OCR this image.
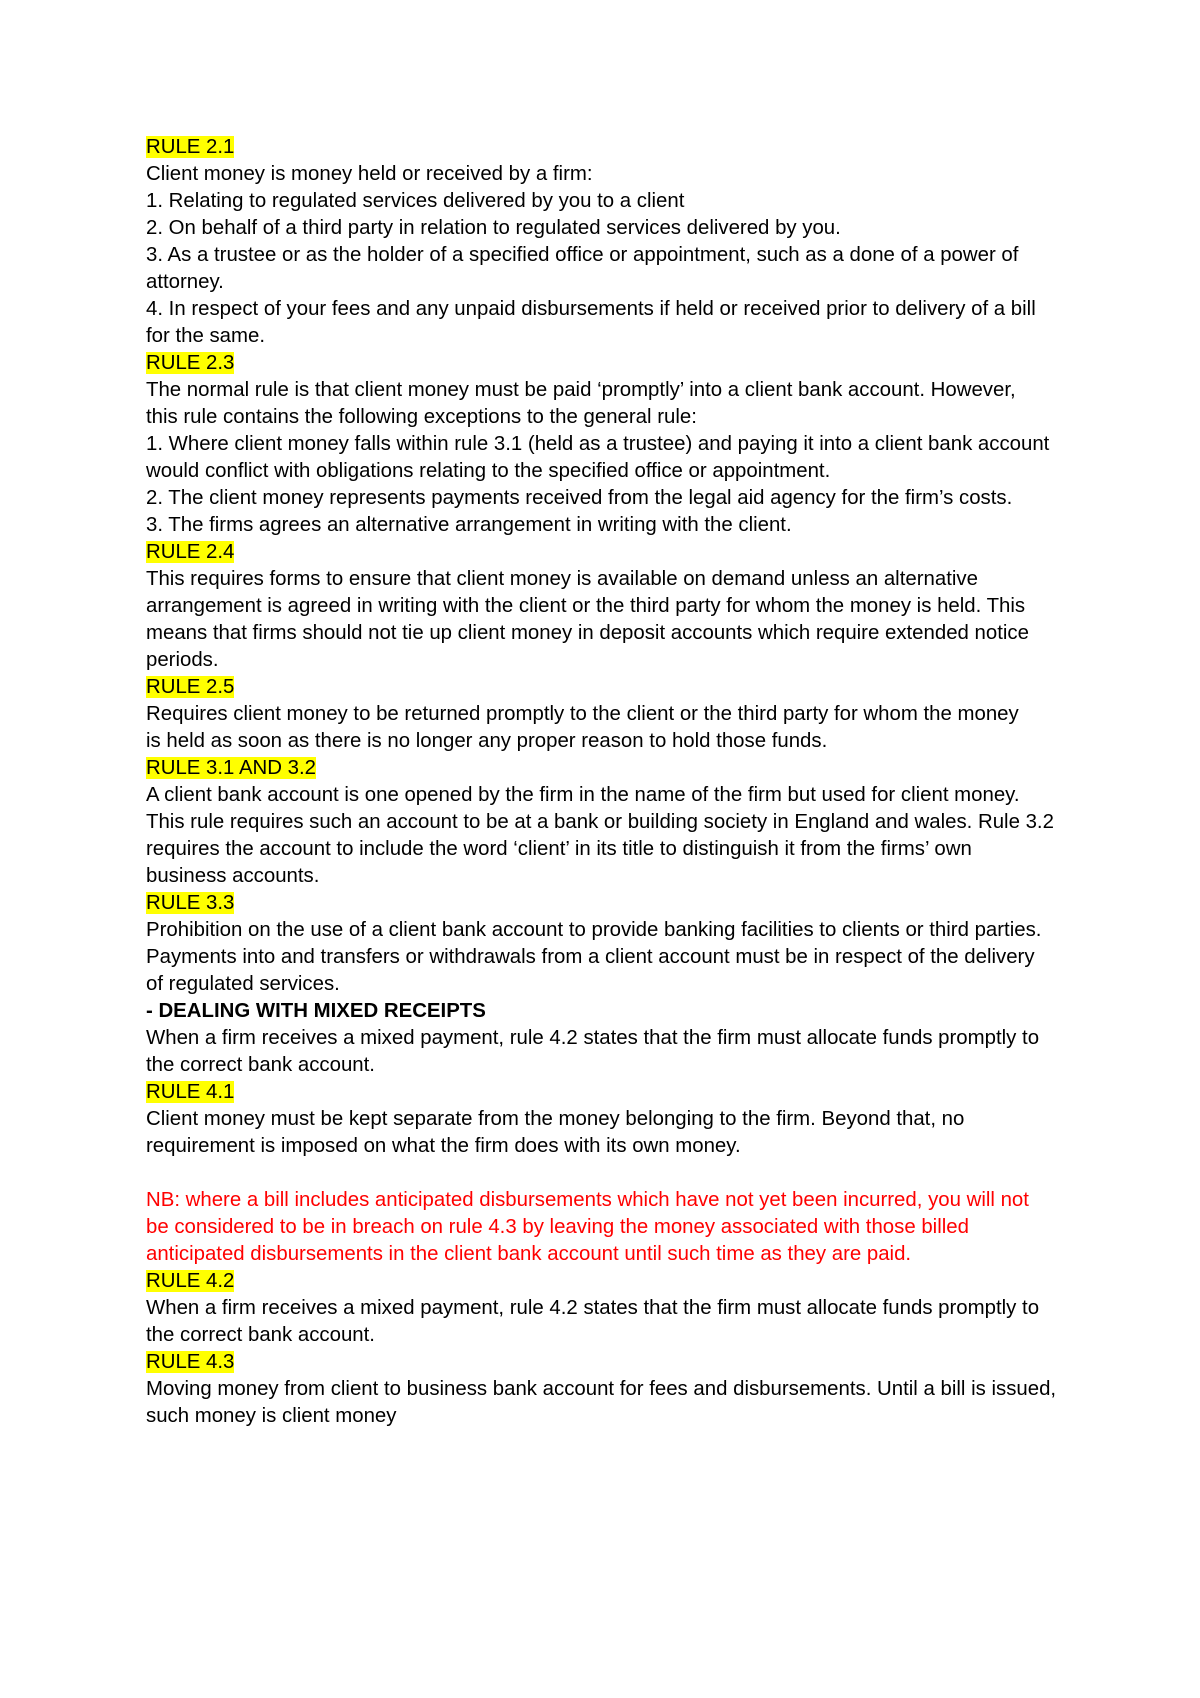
RULE 2.1
Client money is money held or received by a firm:
1. Relating to regulated services delivered by you to a client
2. On behalf of a third party in relation to regulated services delivered by you.
3. As a trustee or as the holder of a specified office or appointment, such as a done of a power of
attorney.
4. In respect of your fees and any unpaid disbursements if held or received prior to delivery of a bill
for the same.
RULE 2.3
The normal rule is that client money must be paid ‘promptly’ into a client bank account. However,
this rule contains the following exceptions to the general rule:
1. Where client money falls within rule 3.1 (held as a trustee) and paying it into a client bank account
would conflict with obligations relating to the specified office or appointment.
2. The client money represents payments received from the legal aid agency for the firm’s costs.
3. The firms agrees an alternative arrangement in writing with the client.
RULE 2.4
This requires forms to ensure that client money is available on demand unless an alternative
arrangement is agreed in writing with the client or the third party for whom the money is held. This
means that firms should not tie up client money in deposit accounts which require extended notice
periods.
RULE 2.5
Requires client money to be returned promptly to the client or the third party for whom the money
is held as soon as there is no longer any proper reason to hold those funds.
RULE 3.1 AND 3.2
A client bank account is one opened by the firm in the name of the firm but used for client money.
This rule requires such an account to be at a bank or building society in England and wales. Rule 3.2
requires the account to include the word ‘client’ in its title to distinguish it from the firms’ own
business accounts.
RULE 3.3
Prohibition on the use of a client bank account to provide banking facilities to clients or third parties.
Payments into and transfers or withdrawals from a client account must be in respect of the delivery
of regulated services.
- DEALING WITH MIXED RECEIPTS
When a firm receives a mixed payment, rule 4.2 states that the firm must allocate funds promptly to
the correct bank account.
RULE 4.1
Client money must be kept separate from the money belonging to the firm. Beyond that, no
requirement is imposed on what the firm does with its own money.
NB: where a bill includes anticipated disbursements which have not yet been incurred, you will not
be considered to be in breach on rule 4.3 by leaving the money associated with those billed
anticipated disbursements in the client bank account until such time as they are paid.
RULE 4.2
When a firm receives a mixed payment, rule 4.2 states that the firm must allocate funds promptly to
the correct bank account.
RULE 4.3
Moving money from client to business bank account for fees and disbursements. Until a bill is issued,
such money is client money
